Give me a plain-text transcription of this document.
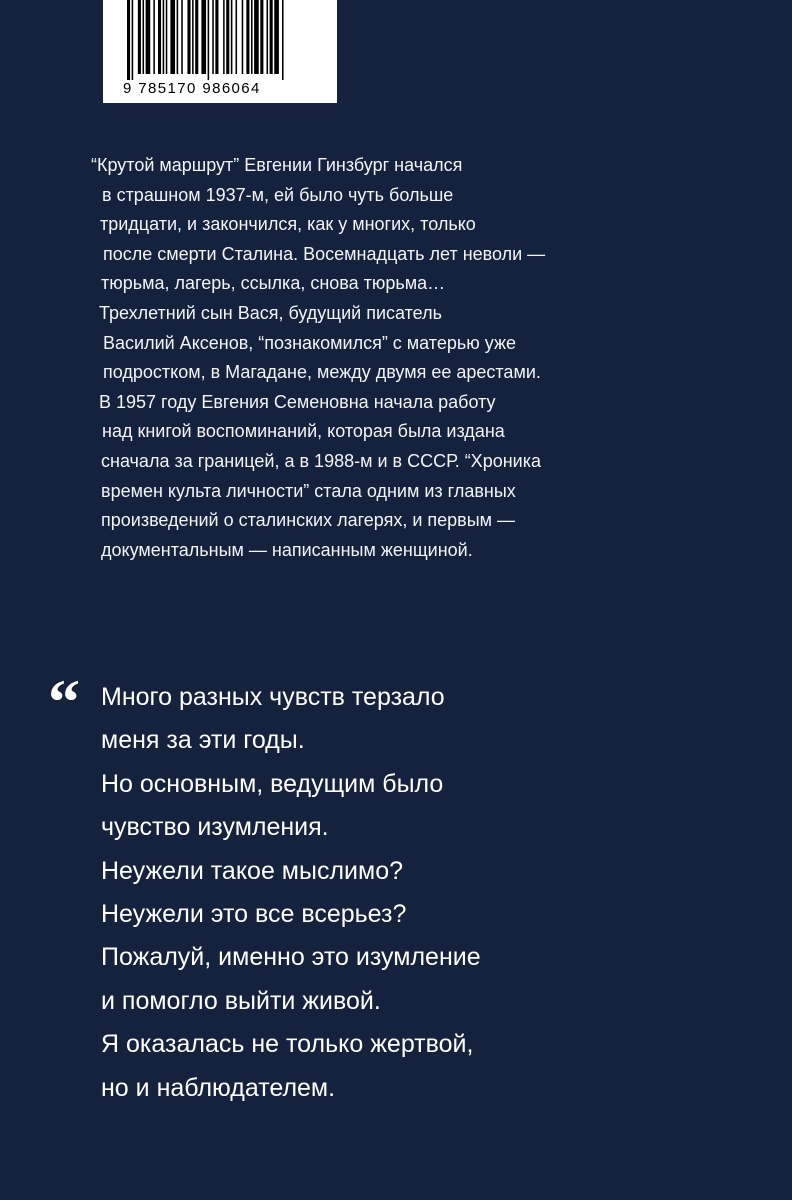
9 785170 986064
“Крутой маршрут” Евгении Гинзбург начался
в страшном 1937-м, ей было чуть больше
тридцати, и закончился, как у многих, только
после смерти Сталина. Восемнадцать лет неволи —
тюрьма, лагерь, ссылка, снова тюрьма…
Трехлетний сын Вася, будущий писатель
Василий Аксенов, “познакомился” с матерью уже
подростком, в Магадане, между двумя ее арестами.
В 1957 году Евгения Семеновна начала работу
над книгой воспоминаний, которая была издана
сначала за границей, а в 1988-м и в СССР. “Хроника
времен культа личности” стала одним из главных
произведений о сталинских лагерях, и первым —
документальным — написанным женщиной.
“ Много разных чувств терзало
меня за эти годы.
Но основным, ведущим было
чувство изумления.
Неужели такое мыслимо?
Неужели это все всерьез?
Пожалуй, именно это изумление
и помогло выйти живой.
Я оказалась не только жертвой,
но и наблюдателем.
